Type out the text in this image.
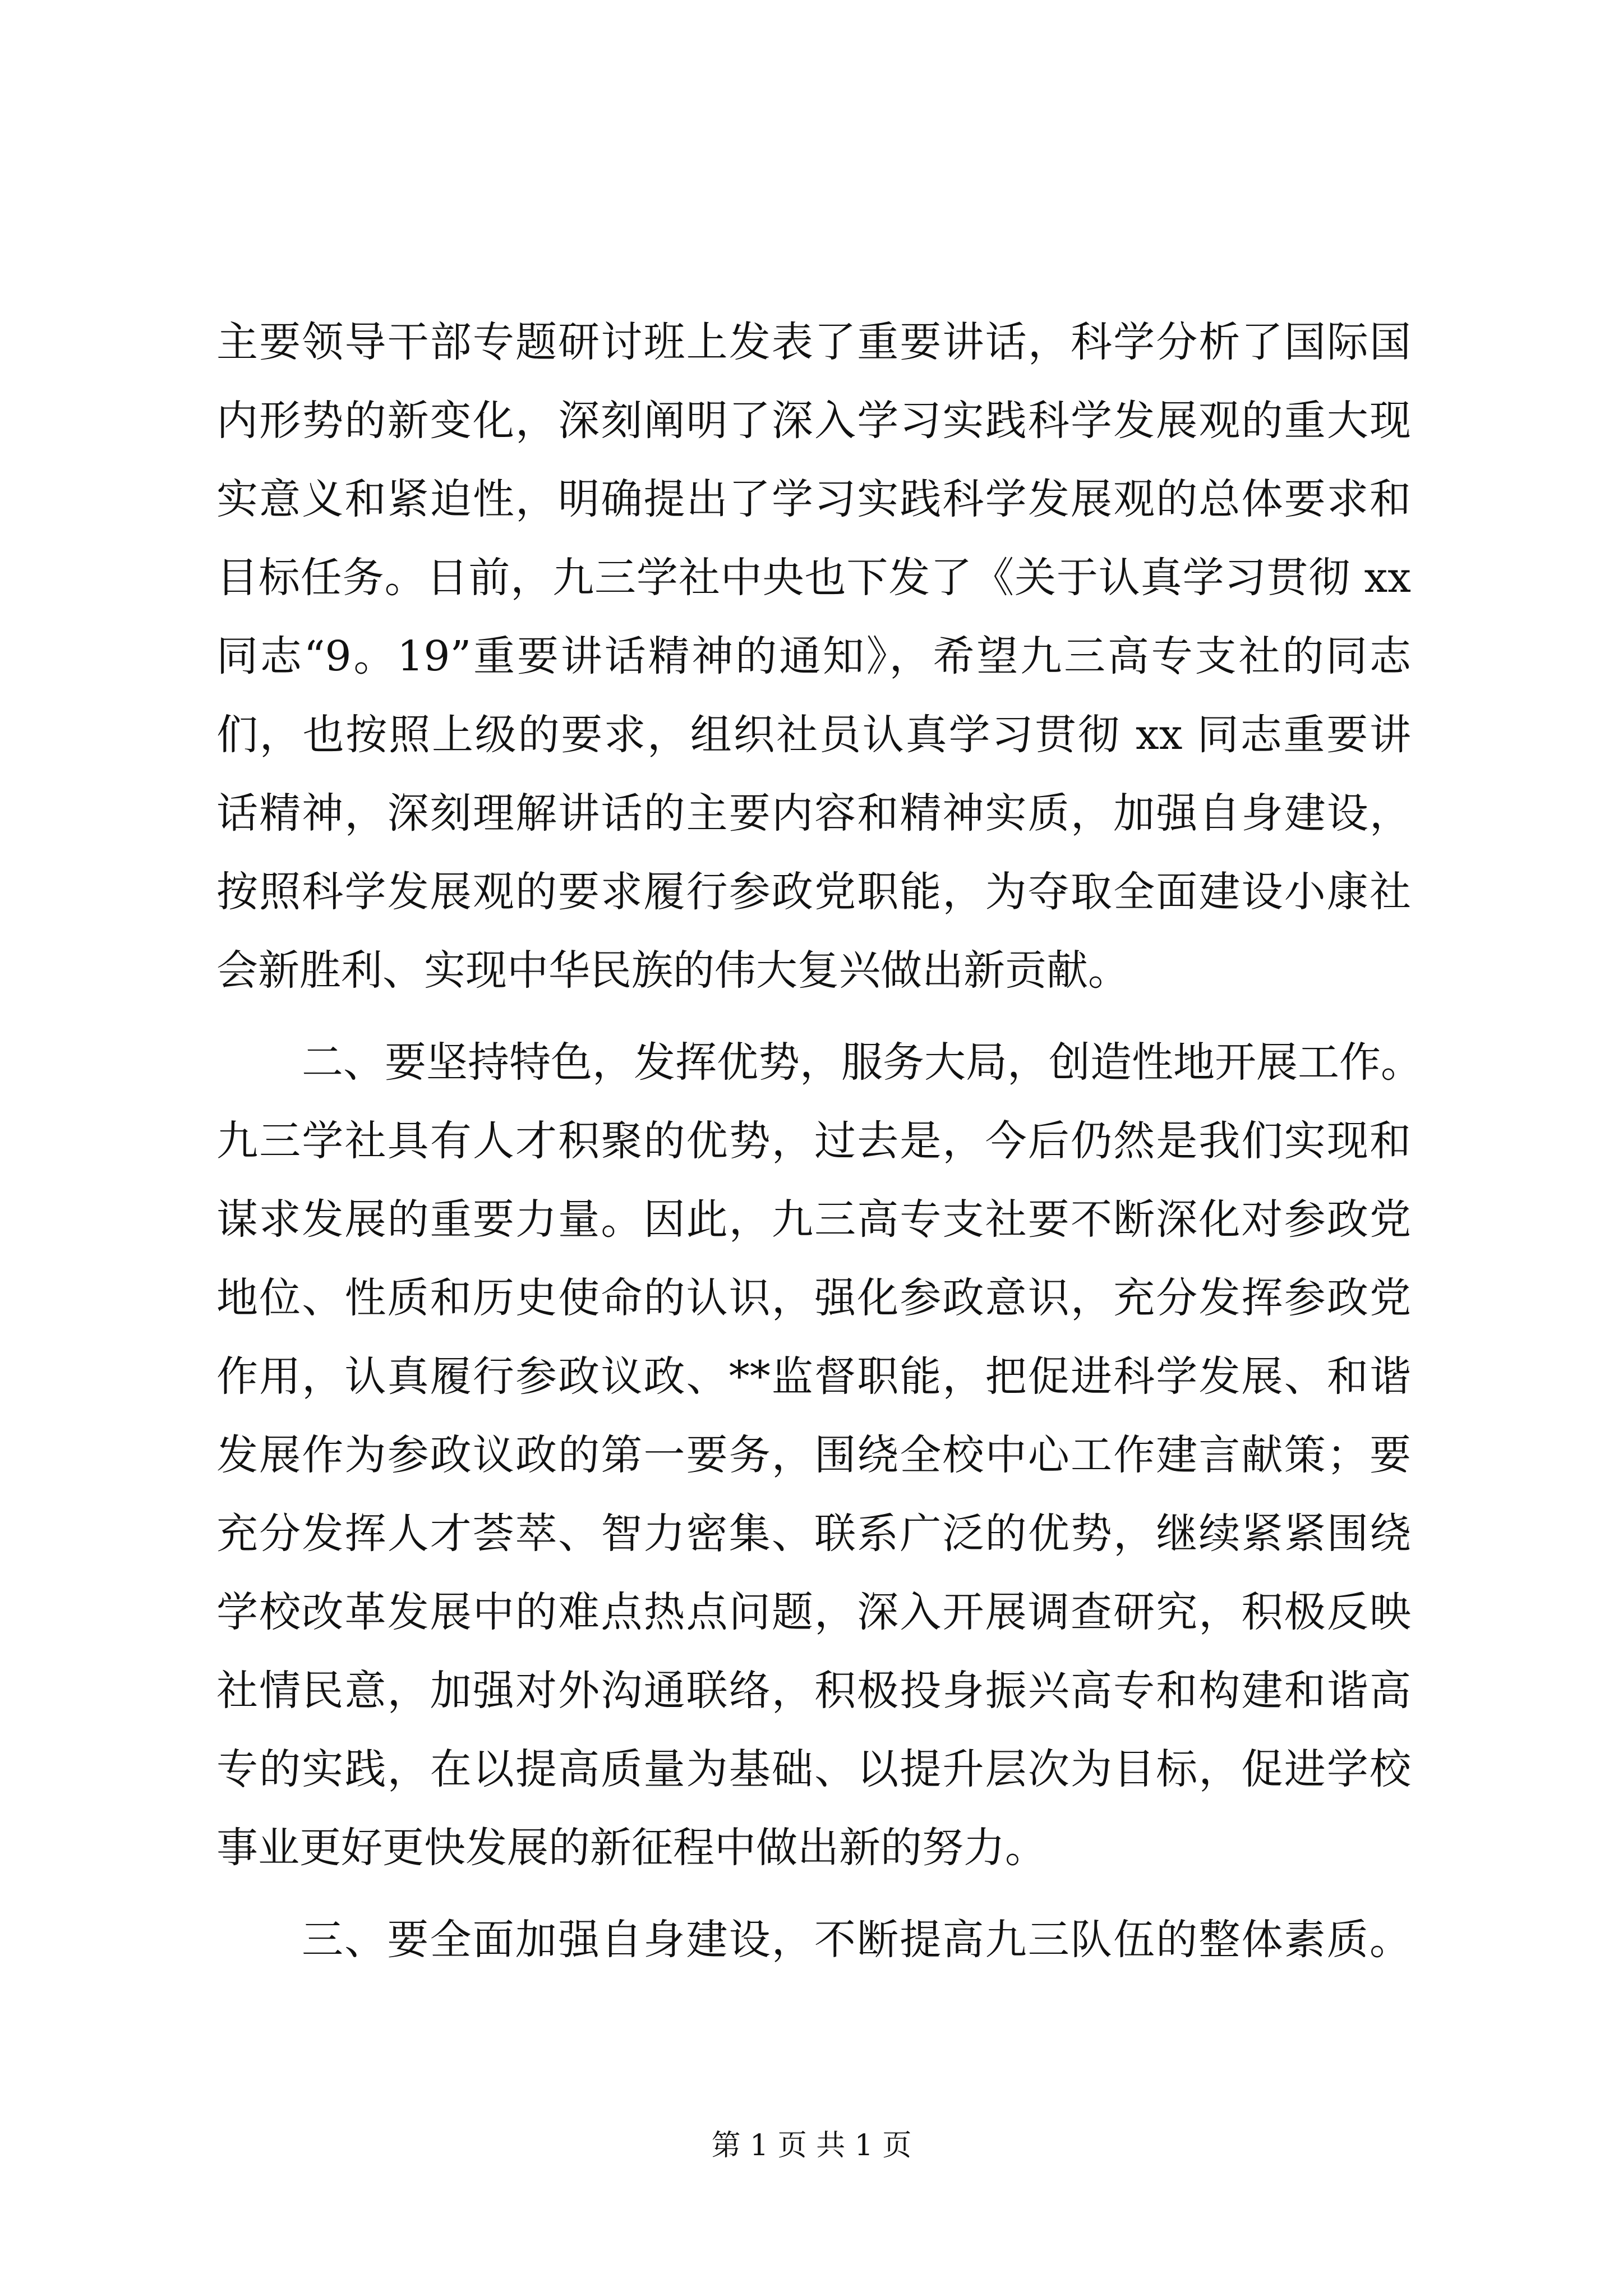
主要领导干部专题研讨班上发表了重要讲话，科学分析了国际国
内形势的新变化，深刻阐明了深入学习实践科学发展观的重大现
实意义和紧迫性，明确提出了学习实践科学发展观的总体要求和
目标任务。日前，九三学社中央也下发了《关于认真学习贯彻 xx
同志“9。19”重要讲话精神的通知》，希望九三高专支社的同志
们，也按照上级的要求，组织社员认真学习贯彻 xx 同志重要讲
话精神，深刻理解讲话的主要内容和精神实质，加强自身建设，
按照科学发展观的要求履行参政党职能，为夺取全面建设小康社
会新胜利、实现中华民族的伟大复兴做出新贡献。
二、要坚持特色，发挥优势，服务大局，创造性地开展工作。
九三学社具有人才积聚的优势，过去是，今后仍然是我们实现和
谋求发展的重要力量。因此，九三高专支社要不断深化对参政党
地位、性质和历史使命的认识，强化参政意识，充分发挥参政党
作用，认真履行参政议政、**监督职能，把促进科学发展、和谐
发展作为参政议政的第一要务，围绕全校中心工作建言献策；要
充分发挥人才荟萃、智力密集、联系广泛的优势，继续紧紧围绕
学校改革发展中的难点热点问题，深入开展调查研究，积极反映
社情民意，加强对外沟通联络，积极投身振兴高专和构建和谐高
专的实践，在以提高质量为基础、以提升层次为目标，促进学校
事业更好更快发展的新征程中做出新的努力。
三、要全面加强自身建设，不断提高九三队伍的整体素质。
第 1 页 共 1 页
